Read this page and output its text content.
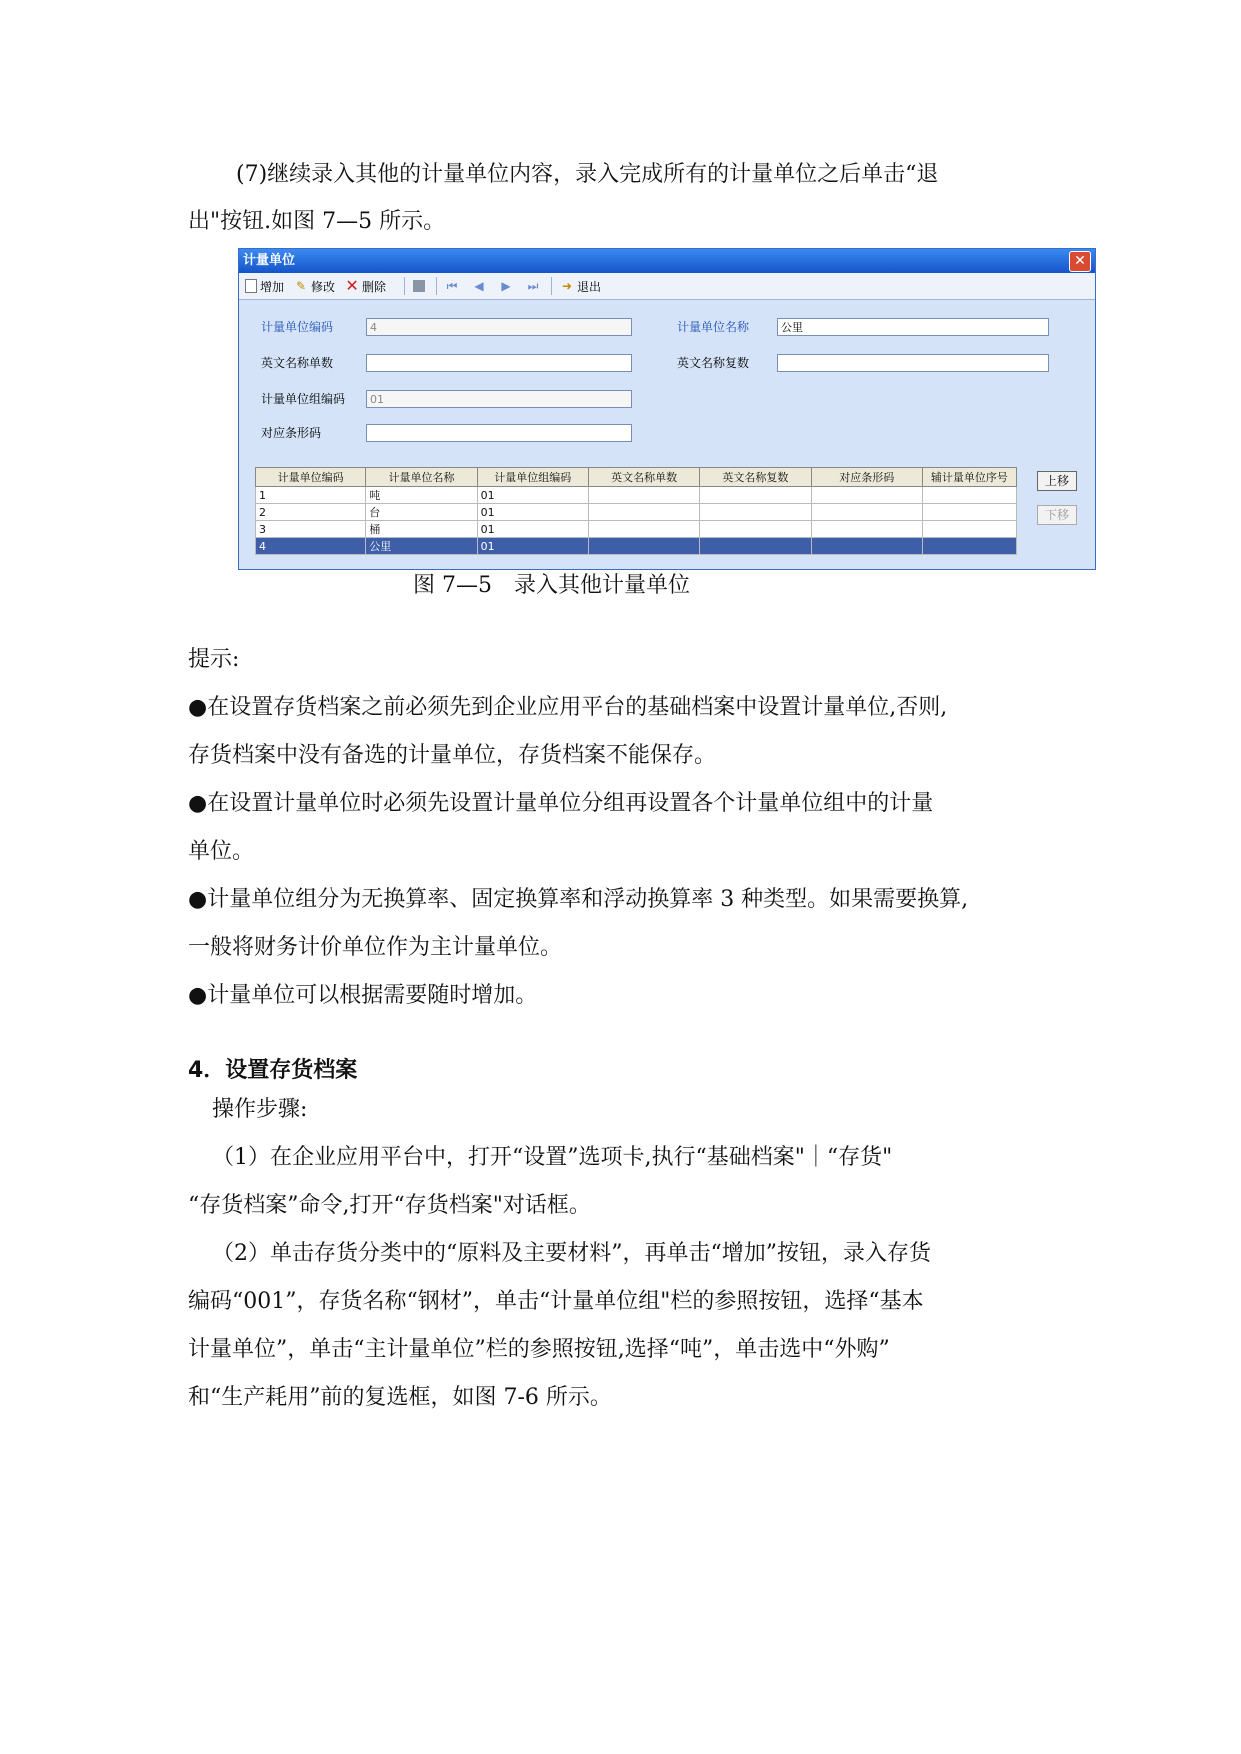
(7)继续录入其他的计量单位内容，录入完成所有的计量单位之后单击“退
出"按钮.如图 7—5 所示。
计量单位	✕
增加 ✎ 修改 ✕ 删除	⏮ ◀ ▶ ⏭ ➜ 退出
计量单位编码	4	计量单位名称	公里
英文名称单数	英文名称复数
计量单位组编码	01
对应条形码
计量单位编码	计量单位名称	计量单位组编码	英文名称单数	英文名称复数	对应条形码	辅计量单位序号
1	吨	01				
2	台	01				
3	桶	01				
4	公里	01				
上移
下移
图 7—5　录入其他计量单位
提示:
●在设置存货档案之前必须先到企业应用平台的基础档案中设置计量单位,否则,
存货档案中没有备选的计量单位，存货档案不能保存。
●在设置计量单位时必须先设置计量单位分组再设置各个计量单位组中的计量
单位。
●计量单位组分为无换算率、固定换算率和浮动换算率 3 种类型。如果需要换算,
一般将财务计价单位作为主计量单位。
●计量单位可以根据需要随时增加。
4．设置存货档案
操作步骤:
（1）在企业应用平台中，打开“设置”选项卡,执行“基础档案"｜“存货"
“存货档案”命令,打开“存货档案"对话框。
（2）单击存货分类中的“原料及主要材料”，再单击“增加”按钮，录入存货
编码“001”，存货名称“钢材”，单击“计量单位组"栏的参照按钮，选择“基本
计量单位”，单击“主计量单位”栏的参照按钮,选择“吨”，单击选中“外购”
和“生产耗用”前的复选框，如图 7-6 所示。
